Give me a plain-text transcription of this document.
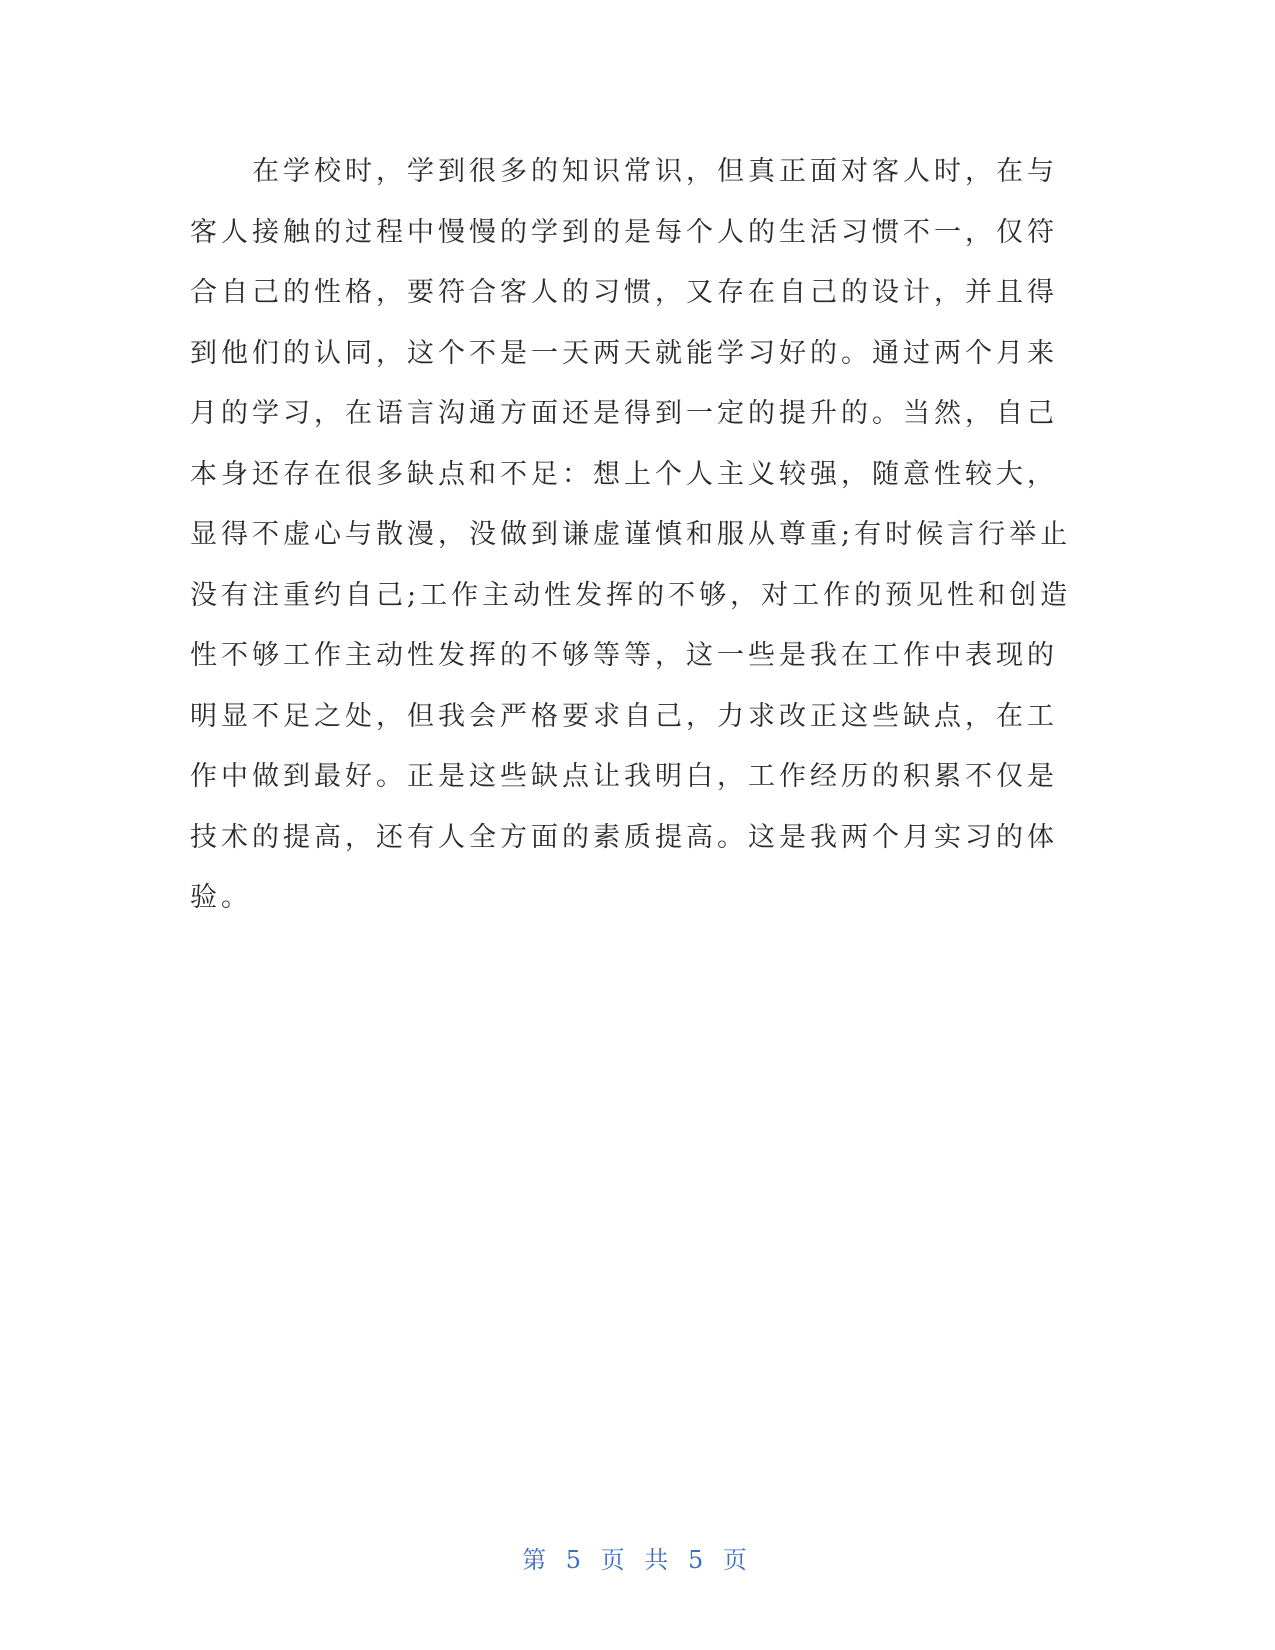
在学校时，学到很多的知识常识，但真正面对客人时，在与
客人接触的过程中慢慢的学到的是每个人的生活习惯不一，仅符
合自己的性格，要符合客人的习惯，又存在自己的设计，并且得
到他们的认同，这个不是一天两天就能学习好的。通过两个月来
月的学习，在语言沟通方面还是得到一定的提升的。当然，自己
本身还存在很多缺点和不足：想上个人主义较强，随意性较大，
显得不虚心与散漫，没做到谦虚谨慎和服从尊重;有时候言行举止
没有注重约自己;工作主动性发挥的不够，对工作的预见性和创造
性不够工作主动性发挥的不够等等，这一些是我在工作中表现的
明显不足之处，但我会严格要求自己，力求改正这些缺点，在工
作中做到最好。正是这些缺点让我明白，工作经历的积累不仅是
技术的提高，还有人全方面的素质提高。这是我两个月实习的体
验。

第 5 页 共 5 页
